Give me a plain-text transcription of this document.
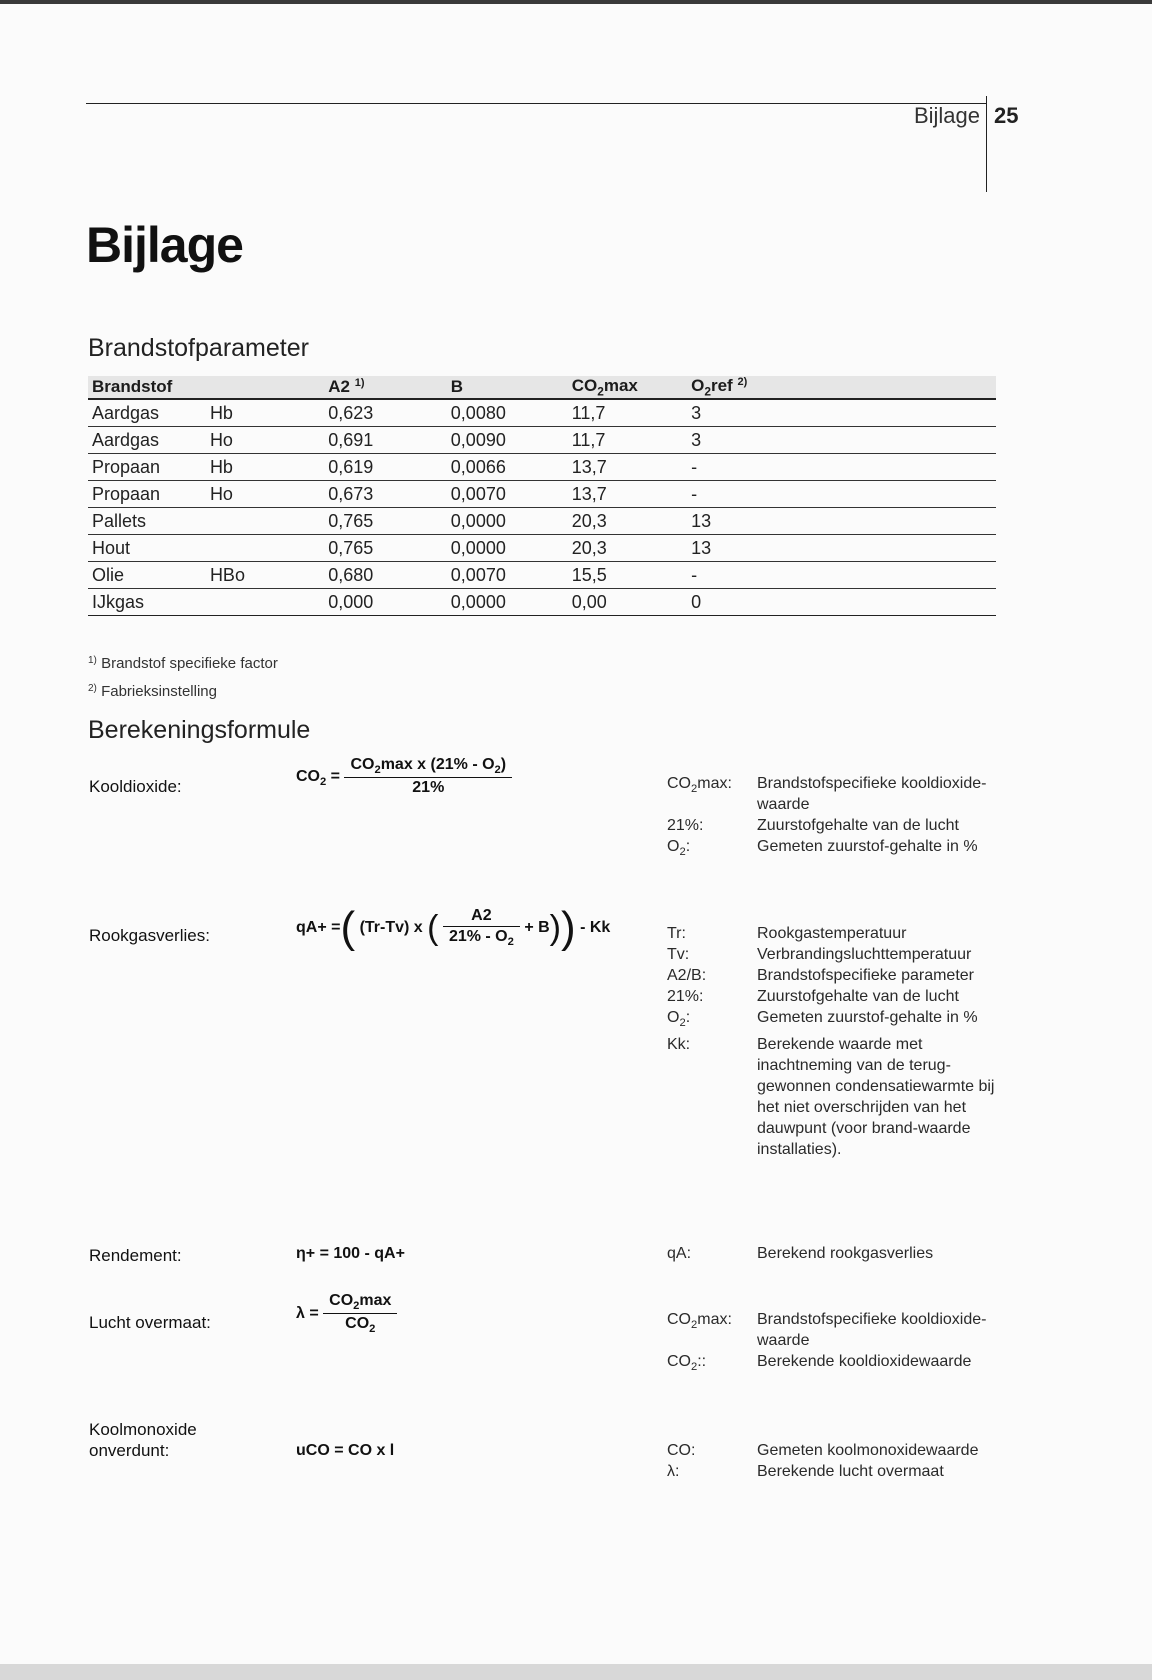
Bijlage 25
Bijlage
Brandstofparameter
Brandstof		A2 $^{1)}$	B	$CO_2\max$	$O_2ref$ $^{2)}$
Aardgas	Hb	0,623	0,0080	11,7	3
Aardgas	Ho	0,691	0,0090	11,7	3
Propaan	Hb	0,619	0,0066	13,7	-
Propaan	Ho	0,673	0,0070	13,7	-
Pallets		0,765	0,0000	20,3	13
Hout		0,765	0,0000	20,3	13
Olie	HBo	0,680	0,0070	15,5	-
IJkgas		0,000	0,0000	0,00	0
$^{1)}$ Brandstof specifieke factor
$^{2)}$ Fabrieksinstelling
Berekeningsformule
Kooldioxide:
$CO_2 = \frac{CO_2\max x (21\% - O_2)}{21\%}$	$CO_2\max$:	Brandstofspecifieke kooldioxide-waarde
21%:	Zuurstofgehalte van de lucht
$O_2$:	Gemeten zuurstof-gehalte in %
Rookgasverlies:	qA+ =( (Tr-Tv) x ( $\frac{A2}{21\% - O_2} + B)) - Kk$	Tr:	Rookgastemperatuur
Tv:	Verbrandingsluchttemperatuur
A2/B:	Brandstofspecifieke parameter
21%:	Zuurstofgehalte van de lucht
$O_2$:	Gemeten zuurstof-gehalte in %
Kk:	Berekende waarde met inachtneming van de terug-gewonnen condensatiewarmte bij het niet overschrijden van het dauwpunt (voor brand-waarde installaties).
Rendement:	η+ = 100 - qA+	qA:	Berekend rookgasverlies
Lucht overmaat:	$\lambda = \frac{CO_2\max}{CO_2}$	$CO_2\max$:	Brandstofspecifieke kooldioxide-waarde
$CO_2$::	Berekende kooldioxidewaarde
Koolmonoxide
onverdunt:	uCO = CO x l	CO:	Gemeten koolmonoxidewaarde
λ:	Berekende lucht overmaat
